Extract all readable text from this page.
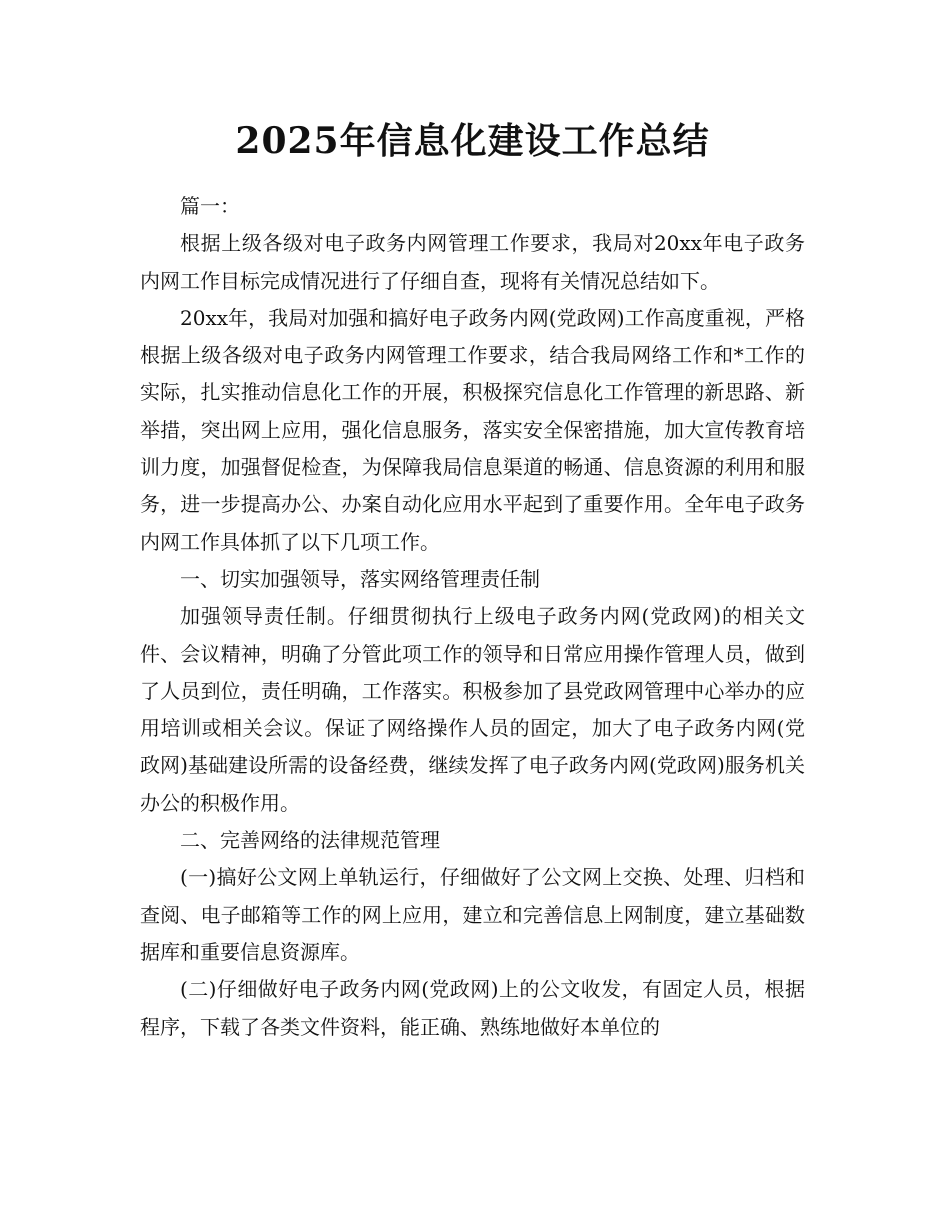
2025年信息化建设工作总结

篇一：

根据上级各级对电子政务内网管理工作要求，我局对20xx年电子政务内网工作目标完成情况进行了仔细自查，现将有关情况总结如下。

20xx年，我局对加强和搞好电子政务内网(党政网)工作高度重视，严格根据上级各级对电子政务内网管理工作要求，结合我局网络工作和*工作的实际，扎实推动信息化工作的开展，积极探究信息化工作管理的新思路、新举措，突出网上应用，强化信息服务，落实安全保密措施，加大宣传教育培训力度，加强督促检查，为保障我局信息渠道的畅通、信息资源的利用和服务，进一步提高办公、办案自动化应用水平起到了重要作用。全年电子政务内网工作具体抓了以下几项工作。

一、切实加强领导，落实网络管理责任制

加强领导责任制。仔细贯彻执行上级电子政务内网(党政网)的相关文件、会议精神，明确了分管此项工作的领导和日常应用操作管理人员，做到了人员到位，责任明确，工作落实。积极参加了县党政网管理中心举办的应用培训或相关会议。保证了网络操作人员的固定，加大了电子政务内网(党政网)基础建设所需的设备经费，继续发挥了电子政务内网(党政网)服务机关办公的积极作用。

二、完善网络的法律规范管理

(一)搞好公文网上单轨运行，仔细做好了公文网上交换、处理、归档和查阅、电子邮箱等工作的网上应用，建立和完善信息上网制度，建立基础数据库和重要信息资源库。

(二)仔细做好电子政务内网(党政网)上的公文收发，有固定人员，根据程序，下载了各类文件资料，能正确、熟练地做好本单位的
